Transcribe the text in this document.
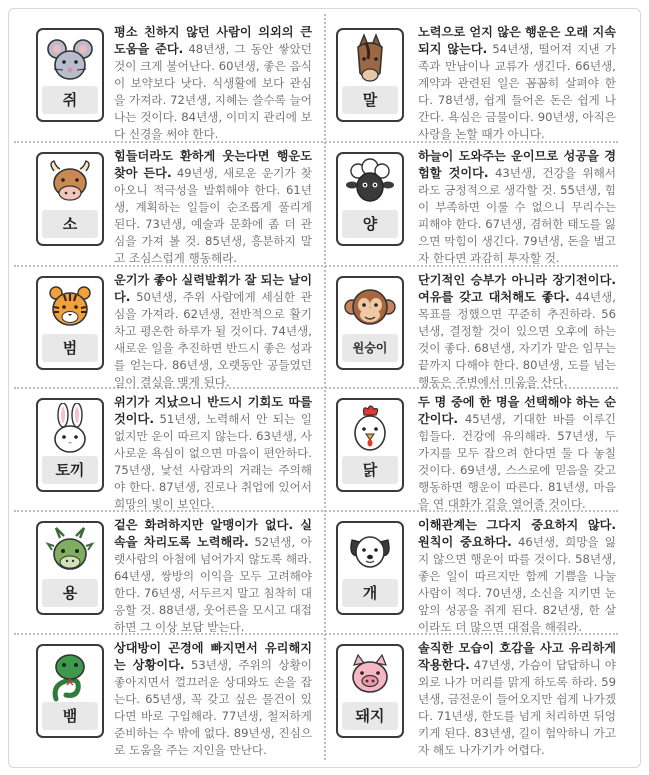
쥐

평소 친하지 않던 사람이 의외의 큰 도움을 준다. 48년생, 그 동안 쌓았던 것이 크게 불어난다. 60년생, 좋은 음식이 보약보다 낫다. 식생활에 보다 관심을 가져라. 72년생, 지혜는 쓸수록 늘어나는 것이다. 84년생, 이미지 관리에 보다 신경을 써야 한다.

말

노력으로 얻지 않은 행운은 오래 지속되지 않는다. 54년생, 떨어져 지낸 가족과 만남이나 교류가 생긴다. 66년생, 계약과 관련된 일은 꼼꼼히 살펴야 한다. 78년생, 쉽게 들어온 돈은 쉽게 나간다. 욕심은 금물이다. 90년생, 아직은 사랑을 논할 때가 아니다.

소

힘들더라도 환하게 웃는다면 행운도 찾아 든다. 49년생, 새로운 운기가 찾아오니 적극성을 발휘해야 한다. 61년생, 계획하는 일들이 순조롭게 풀리게 된다. 73년생, 예술과 문화에 좀 더 관심을 가져 볼 것. 85년생, 흥분하지 말고 조심스럽게 행동해라.

양

하늘이 도와주는 운이므로 성공을 경험할 것이다. 43년생, 건강을 위해서라도 긍정적으로 생각할 것. 55년생, 힘이 부족하면 이룰 수 없으니 무리수는 피해야 한다. 67년생, 겸허한 태도를 잃으면 막힘이 생긴다. 79년생, 돈을 벌고자 한다면 과감히 투자할 것.

범

운기가 좋아 실력발휘가 잘 되는 날이다. 50년생, 주위 사람에게 세심한 관심을 가져라. 62년생, 전반적으로 활기차고 평온한 하루가 될 것이다. 74년생, 새로운 일을 추진하면 반드시 좋은 성과를 얻는다. 86년생, 오랫동안 공들였던 일이 결실을 맺게 된다.

원숭이

단기적인 승부가 아니라 장기전이다. 여유를 갖고 대처해도 좋다. 44년생, 목표를 정했으면 꾸준히 추진하라. 56년생, 결정할 것이 있으면 오후에 하는 것이 좋다. 68년생, 자기가 맡은 임무는 끝까지 다해야 한다. 80년생, 도를 넘는 행동은 주변에서 미움을 산다.

토끼

위기가 지났으니 반드시 기회도 따를 것이다. 51년생, 노력해서 안 되는 일 없지만 운이 따르지 않는다. 63년생, 사사로운 욕심이 없으면 마음이 편안하다. 75년생, 낯선 사람과의 거래는 주의해야 한다. 87년생, 진로나 취업에 있어서 희망의 빛이 보인다.

닭

두 명 중에 한 명을 선택해야 하는 순간이다. 45년생, 기대한 바를 이루긴 힘들다. 건강에 유의해라. 57년생, 두 가지를 모두 잡으려 한다면 둘 다 놓칠 것이다. 69년생, 스스로에 믿음을 갖고 행동하면 행운이 따른다. 81년생, 마음을 연 대화가 길을 열어줄 것이다.

용

겉은 화려하지만 알맹이가 없다. 실속을 차리도록 노력해라. 52년생, 아랫사람의 아첨에 넘어가지 않도록 해라. 64년생, 쌍방의 이익을 모두 고려해야 한다. 76년생, 서두르지 말고 침착히 대응할 것. 88년생, 웃어른을 모시고 대접하면 그 이상 보답 받는다.

개

이해관계는 그다지 중요하지 않다. 원칙이 중요하다. 46년생, 희망을 잃지 않으면 행운이 따를 것이다. 58년생, 좋은 일이 따르지만 함께 기쁨을 나눌 사람이 적다. 70년생, 소신을 지키면 눈 앞의 성공을 쥐게 된다. 82년생, 한 살이라도 더 많으면 대접을 해줘라.

뱀

상대방이 곤경에 빠지면서 유리해지는 상황이다. 53년생, 주위의 상황이 좋아지면서 껄끄러운 상대와도 손을 잡는다. 65년생, 꼭 갖고 싶은 물건이 있다면 바로 구입해라. 77년생, 철저하게 준비하는 수 밖에 없다. 89년생, 진심으로 도움을 주는 지인을 만난다.

돼지

솔직한 모습이 호감을 사고 유리하게 작용한다. 47년생, 가슴이 답답하니 야외로 나가 머리를 맑게 하도록 하라. 59년생, 금전운이 들어오지만 쉽게 나가겠다. 71년생, 한도를 넘게 처리하면 뒤엉키게 된다. 83년생, 길이 험악하니 가고자 해도 나가기가 어렵다.
